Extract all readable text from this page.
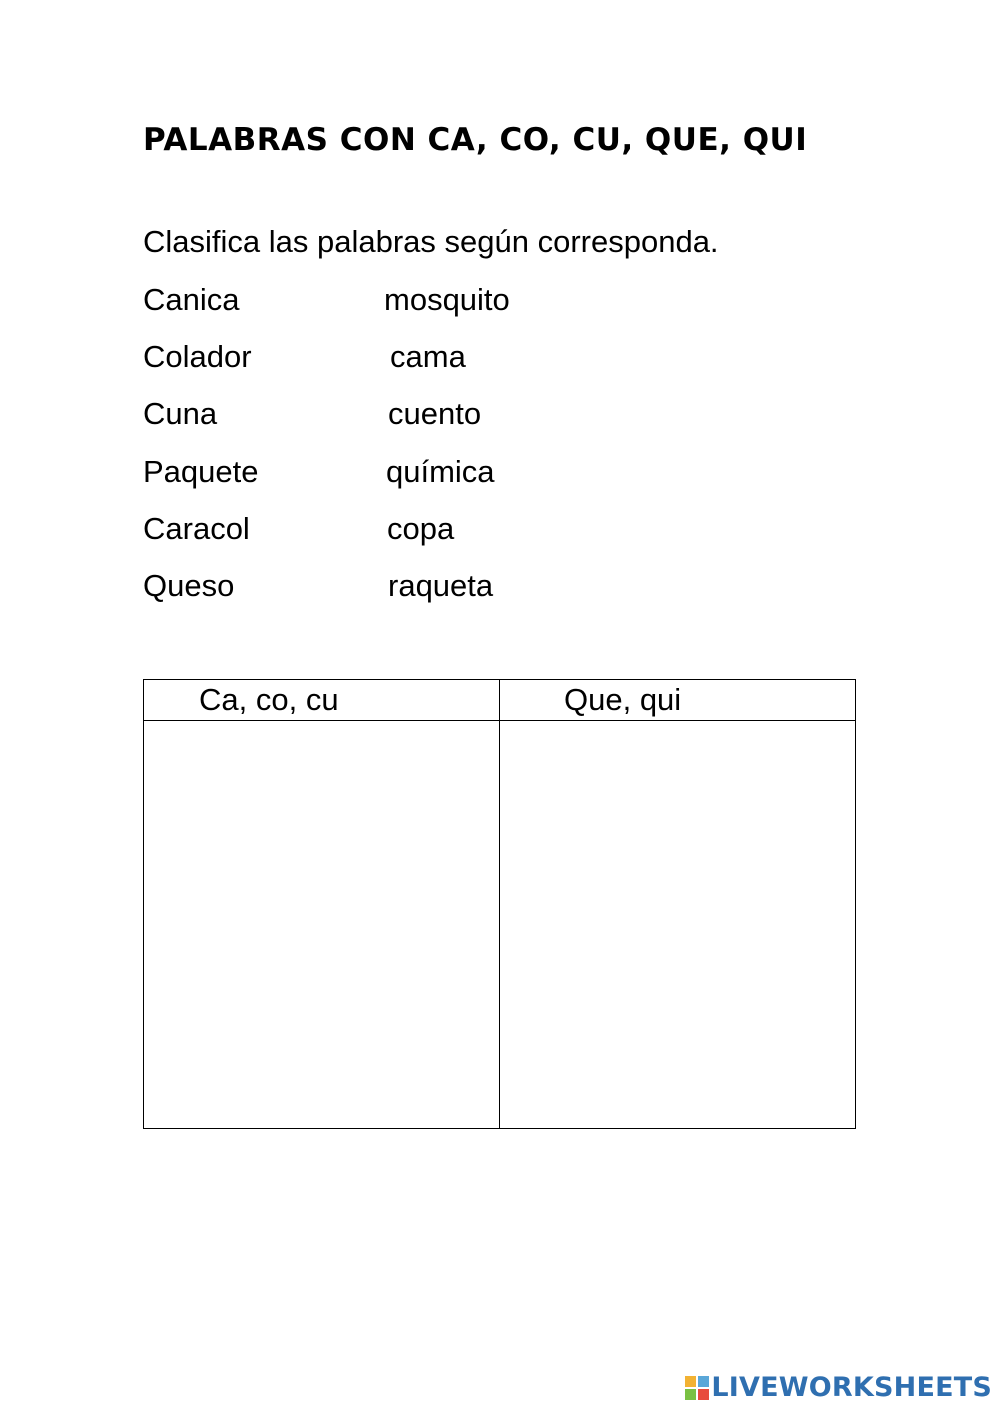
PALABRAS CON CA, CO, CU, QUE, QUI

Clasifica las palabras según corresponda.

Canica	mosquito
Colador	cama
Cuna	cuento
Paquete	química
Caracol	copa
Queso	raqueta
Ca, co, cu	Que, qui

LIVEWORKSHEETS
